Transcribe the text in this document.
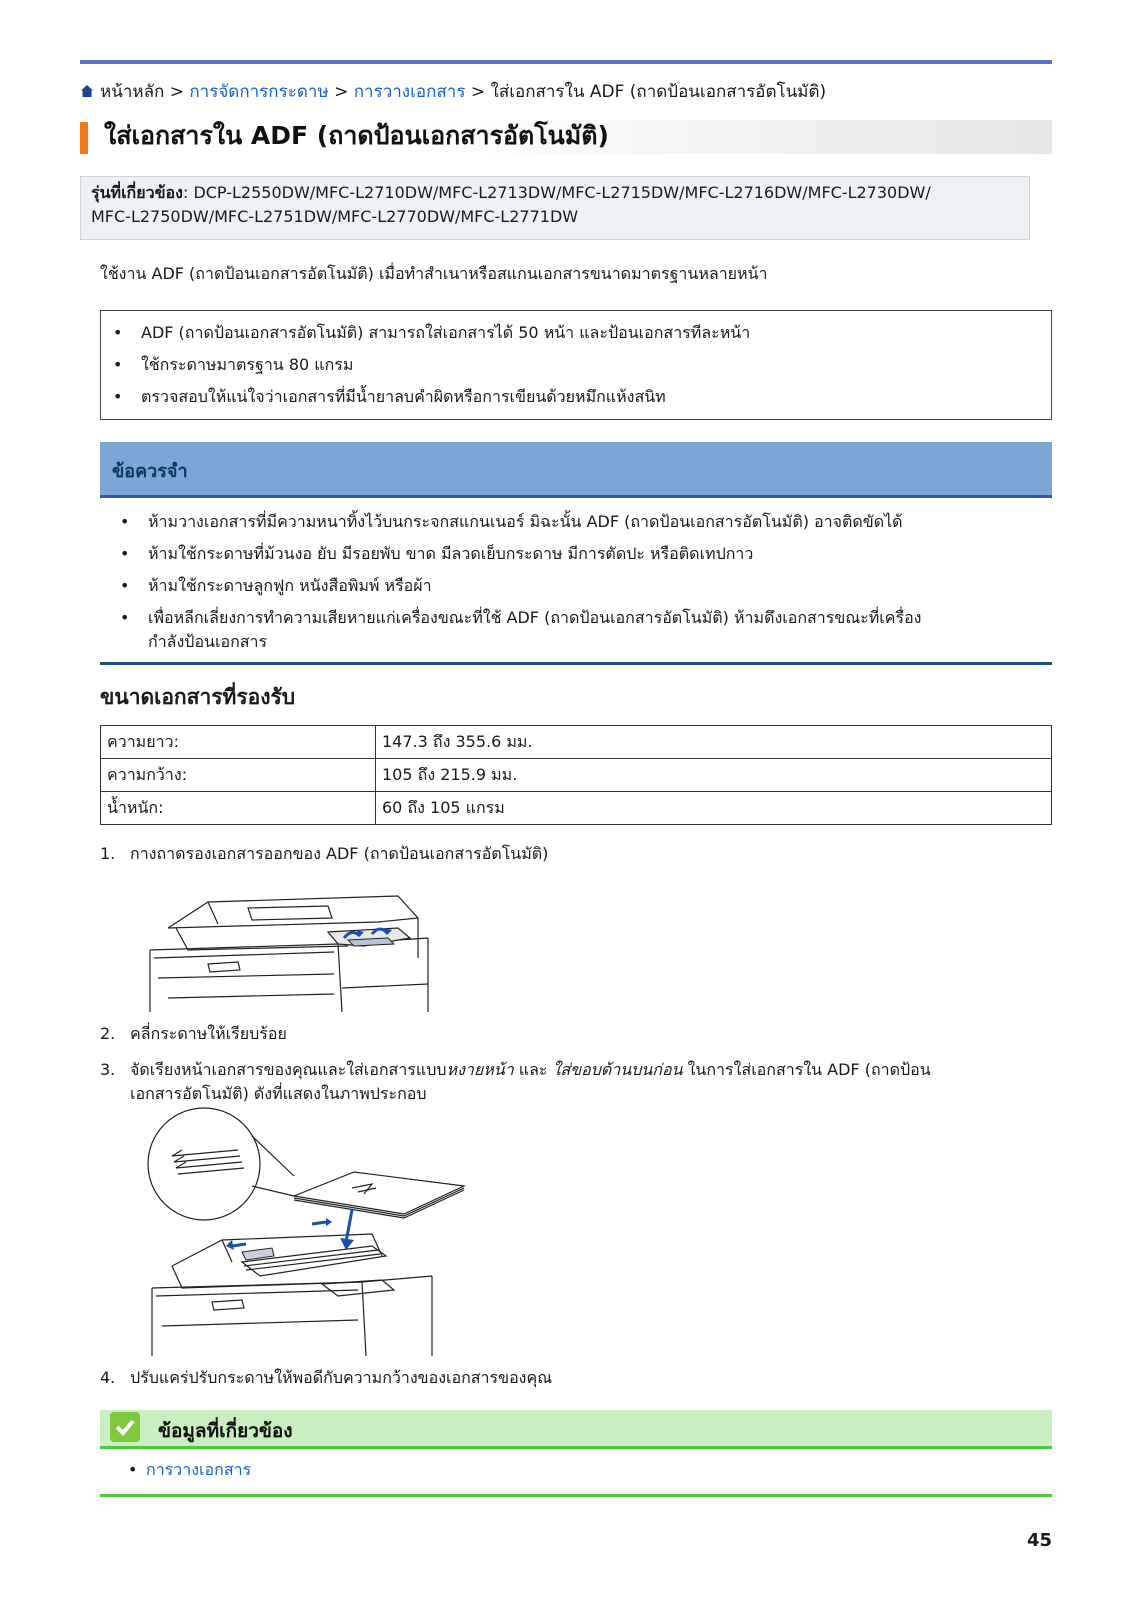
หน้าหลัก > การจัดการกระดาษ > การวางเอกสาร > ใส่เอกสารใน ADF (ถาดป้อนเอกสารอัตโนมัติ)
ใส่เอกสารใน ADF (ถาดป้อนเอกสารอัตโนมัติ)
รุ่นที่เกี่ยวข้อง: DCP-L2550DW/MFC-L2710DW/MFC-L2713DW/MFC-L2715DW/MFC-L2716DW/MFC-L2730DW/
MFC-L2750DW/MFC-L2751DW/MFC-L2770DW/MFC-L2771DW
ใช้งาน ADF (ถาดป้อนเอกสารอัตโนมัติ) เมื่อทำสำเนาหรือสแกนเอกสารขนาดมาตรฐานหลายหน้า
• ADF (ถาดป้อนเอกสารอัตโนมัติ) สามารถใส่เอกสารได้ 50 หน้า และป้อนเอกสารทีละหน้า
• ใช้กระดาษมาตรฐาน 80 แกรม
• ตรวจสอบให้แน่ใจว่าเอกสารที่มีน้ำยาลบคำผิดหรือการเขียนด้วยหมึกแห้งสนิท
ข้อควรจำ
• ห้ามวางเอกสารที่มีความหนาทิ้งไว้บนกระจกสแกนเนอร์ มิฉะนั้น ADF (ถาดป้อนเอกสารอัตโนมัติ) อาจติดขัดได้
• ห้ามใช้กระดาษที่ม้วนงอ ยับ มีรอยพับ ขาด มีลวดเย็บกระดาษ มีการตัดปะ หรือติดเทปกาว
• ห้ามใช้กระดาษลูกฟูก หนังสือพิมพ์ หรือผ้า
• เพื่อหลีกเลี่ยงการทำความเสียหายแก่เครื่องขณะที่ใช้ ADF (ถาดป้อนเอกสารอัตโนมัติ) ห้ามดึงเอกสารขณะที่เครื่อง
กำลังป้อนเอกสาร
ขนาดเอกสารที่รองรับ
ความยาว:	147.3 ถึง 355.6 มม.
ความกว้าง:	105 ถึง 215.9 มม.
น้ำหนัก:	60 ถึง 105 แกรม
1. กางถาดรองเอกสารออกของ ADF (ถาดป้อนเอกสารอัตโนมัติ)
2. คลี่กระดาษให้เรียบร้อย
3. จัดเรียงหน้าเอกสารของคุณและใส่เอกสารแบบหงายหน้า และ ใส่ขอบด้านบนก่อน ในการใส่เอกสารใน ADF (ถาดป้อน
เอกสารอัตโนมัติ) ดังที่แสดงในภาพประกอบ
4. ปรับแคร่ปรับกระดาษให้พอดีกับความกว้างของเอกสารของคุณ
ข้อมูลที่เกี่ยวข้อง
• การวางเอกสาร
45
